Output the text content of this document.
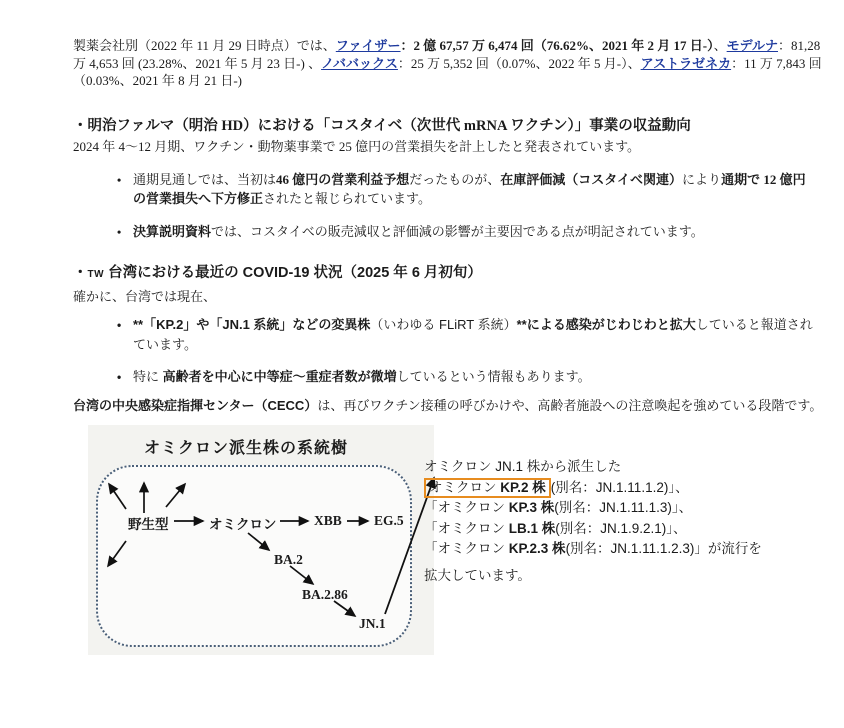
製薬会社別（2022 年 11 月 29 日時点）では、ファイザー：2 億 67,57 万 6,474 回（76.62%、2021 年 2 月 17 日-）、モデルナ：81,28 万 4,653 回 (23.28%、2021 年 5 月 23 日-) 、ノババックス：25 万 5,352 回（0.07%、2022 年 5 月-）、アストラゼネカ：11 万 7,843 回（0.03%、2021 年 8 月 21 日-)

・明治ファルマ（明治 HD）における「コスタイベ（次世代 mRNA ワクチン）」事業の収益動向

2024 年 4～12 月期、ワクチン・動物薬事業で 25 億円の営業損失を計上したと発表されています。

• 通期見通しでは、当初は46 億円の営業利益予想だったものが、在庫評価減（コスタイベ関連）により通期で 12 億円の営業損失へ下方修正されたと報じられています。
• 決算説明資料では、コスタイベの販売減収と評価減の影響が主要因である点が明記されています。
・TW 台湾における最近の COVID-19 状況（2025 年 6 月初旬）

確かに、台湾では現在、

• **「KP.2」や「JN.1 系統」などの変異株（いわゆる FLiRT 系統）**による感染がじわじわと拡大していると報道されています。
• 特に 高齢者を中心に中等症～重症者数が微増しているという情報もあります。

台湾の中央感染症指揮センター（CECC）は、再びワクチン接種の呼びかけや、高齢者施設への注意喚起を強めている段階です。

オミクロン派生株の系統樹
野生型	オミクロン	XBB EG.5
BA.2
BA.2.86
JN.1
オミクロン JN.1 株から派生した
オミクロン KP.2 株 (別名：JN.1.11.1.2)」、
「オミクロン KP.3 株(別名：JN.1.11.1.3)」、
「オミクロン LB.1 株(別名：JN.1.9.2.1)」、
「オミクロン KP.2.3 株(別名：JN.1.11.1.2.3)」が流行を
拡大しています。
